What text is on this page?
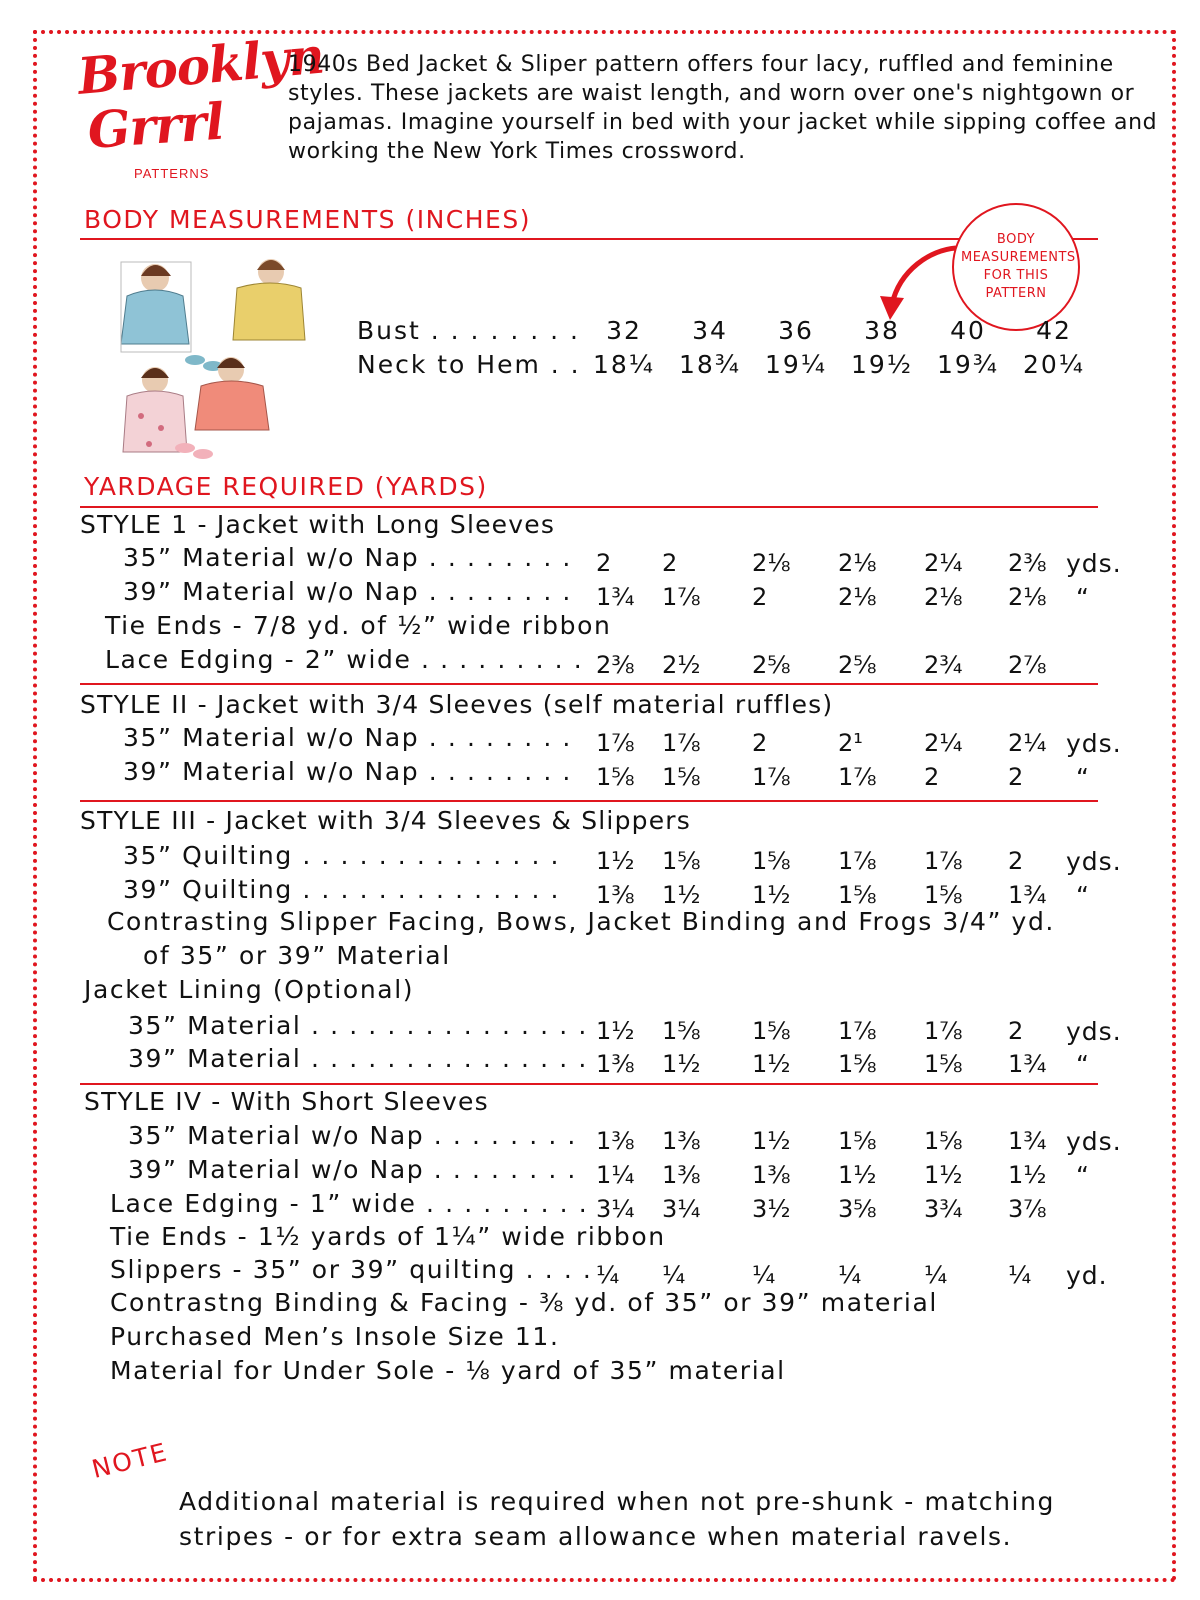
Brooklyn
Grrrl
PATTERNS

1940s Bed Jacket & Sliper pattern offers four lacy, ruffled and feminine styles. These jackets are waist length, and worn over one's nightgown or pajamas. Imagine yourself in bed with your jacket while sipping coffee and working the New York Times crossword.

BODY MEASUREMENTS (INCHES)
BODY MEASUREMENTS FOR THIS PATTERN
Bust . . . . . . . .	32	34	36	38	40	42
Neck to Hem . . 18¼ 18¾ 19¼ 19½ 19¾ 20¼
YARDAGE REQUIRED (YARDS)
STYLE 1 - Jacket with Long Sleeves
35” Material w/o Nap . . . . . . . . 2 2	2⅛ 2⅛ 2¼ 2⅜ yds.
39” Material w/o Nap . . . . . . . . 1¾ 1⅞ 2	2⅛ 2⅛ 2⅛ “
Tie Ends - 7/8 yd. of ½” wide ribbon
Lace Edging - 2” wide . . . . . . . . . 2⅜ 2½ 2⅝ 2⅝ 2¾ 2⅞
STYLE II - Jacket with 3/4 Sleeves (self material ruffles)
35” Material w/o Nap . . . . . . . . 1⅞ 1⅞ 2	2¹	2¼ 2¼ yds.
39” Material w/o Nap . . . . . . . . 1⅝ 1⅝ 1⅞ 1⅞ 2	2 “
STYLE III - Jacket with 3/4 Sleeves & Slippers
35” Quilting . . . . . . . . . . . . . . 1½ 1⅝ 1⅝ 1⅞ 1⅞ 2 yds.
39” Quilting . . . . . . . . . . . . . . 1⅜ 1½ 1½ 1⅝ 1⅝ 1¾ “
Contrasting Slipper Facing, Bows, Jacket Binding and Frogs 3/4” yd.
of 35” or 39” Material
Jacket Lining (Optional)
35” Material . . . . . . . . . . . . . . . 1½ 1⅝ 1⅝ 1⅞ 1⅞ 2 yds.
39” Material . . . . . . . . . . . . . . . 1⅜ 1½ 1½ 1⅝ 1⅝ 1¾ “
STYLE IV - With Short Sleeves
35” Material w/o Nap . . . . . . . . 1⅜ 1⅜ 1½ 1⅝ 1⅝ 1¾ yds.
39” Material w/o Nap . . . . . . . . 1¼ 1⅜ 1⅜ 1½ 1½ 1½ “
Lace Edging - 1” wide . . . . . . . . . 3¼ 3¼ 3½ 3⅝ 3¾ 3⅞
Tie Ends - 1½ yards of 1¼” wide ribbon
Slippers - 35” or 39” quilting . . . . ¼ ¼	¼	¼	¼	¼ yd.
Contrastng Binding & Facing - ⅜ yd. of 35” or 39” material
Purchased Men’s Insole Size 11.
Material for Under Sole - ⅛ yard of 35” material
NOTE

Additional material is required when not pre-shunk - matching stripes - or for extra seam allowance when material ravels.
